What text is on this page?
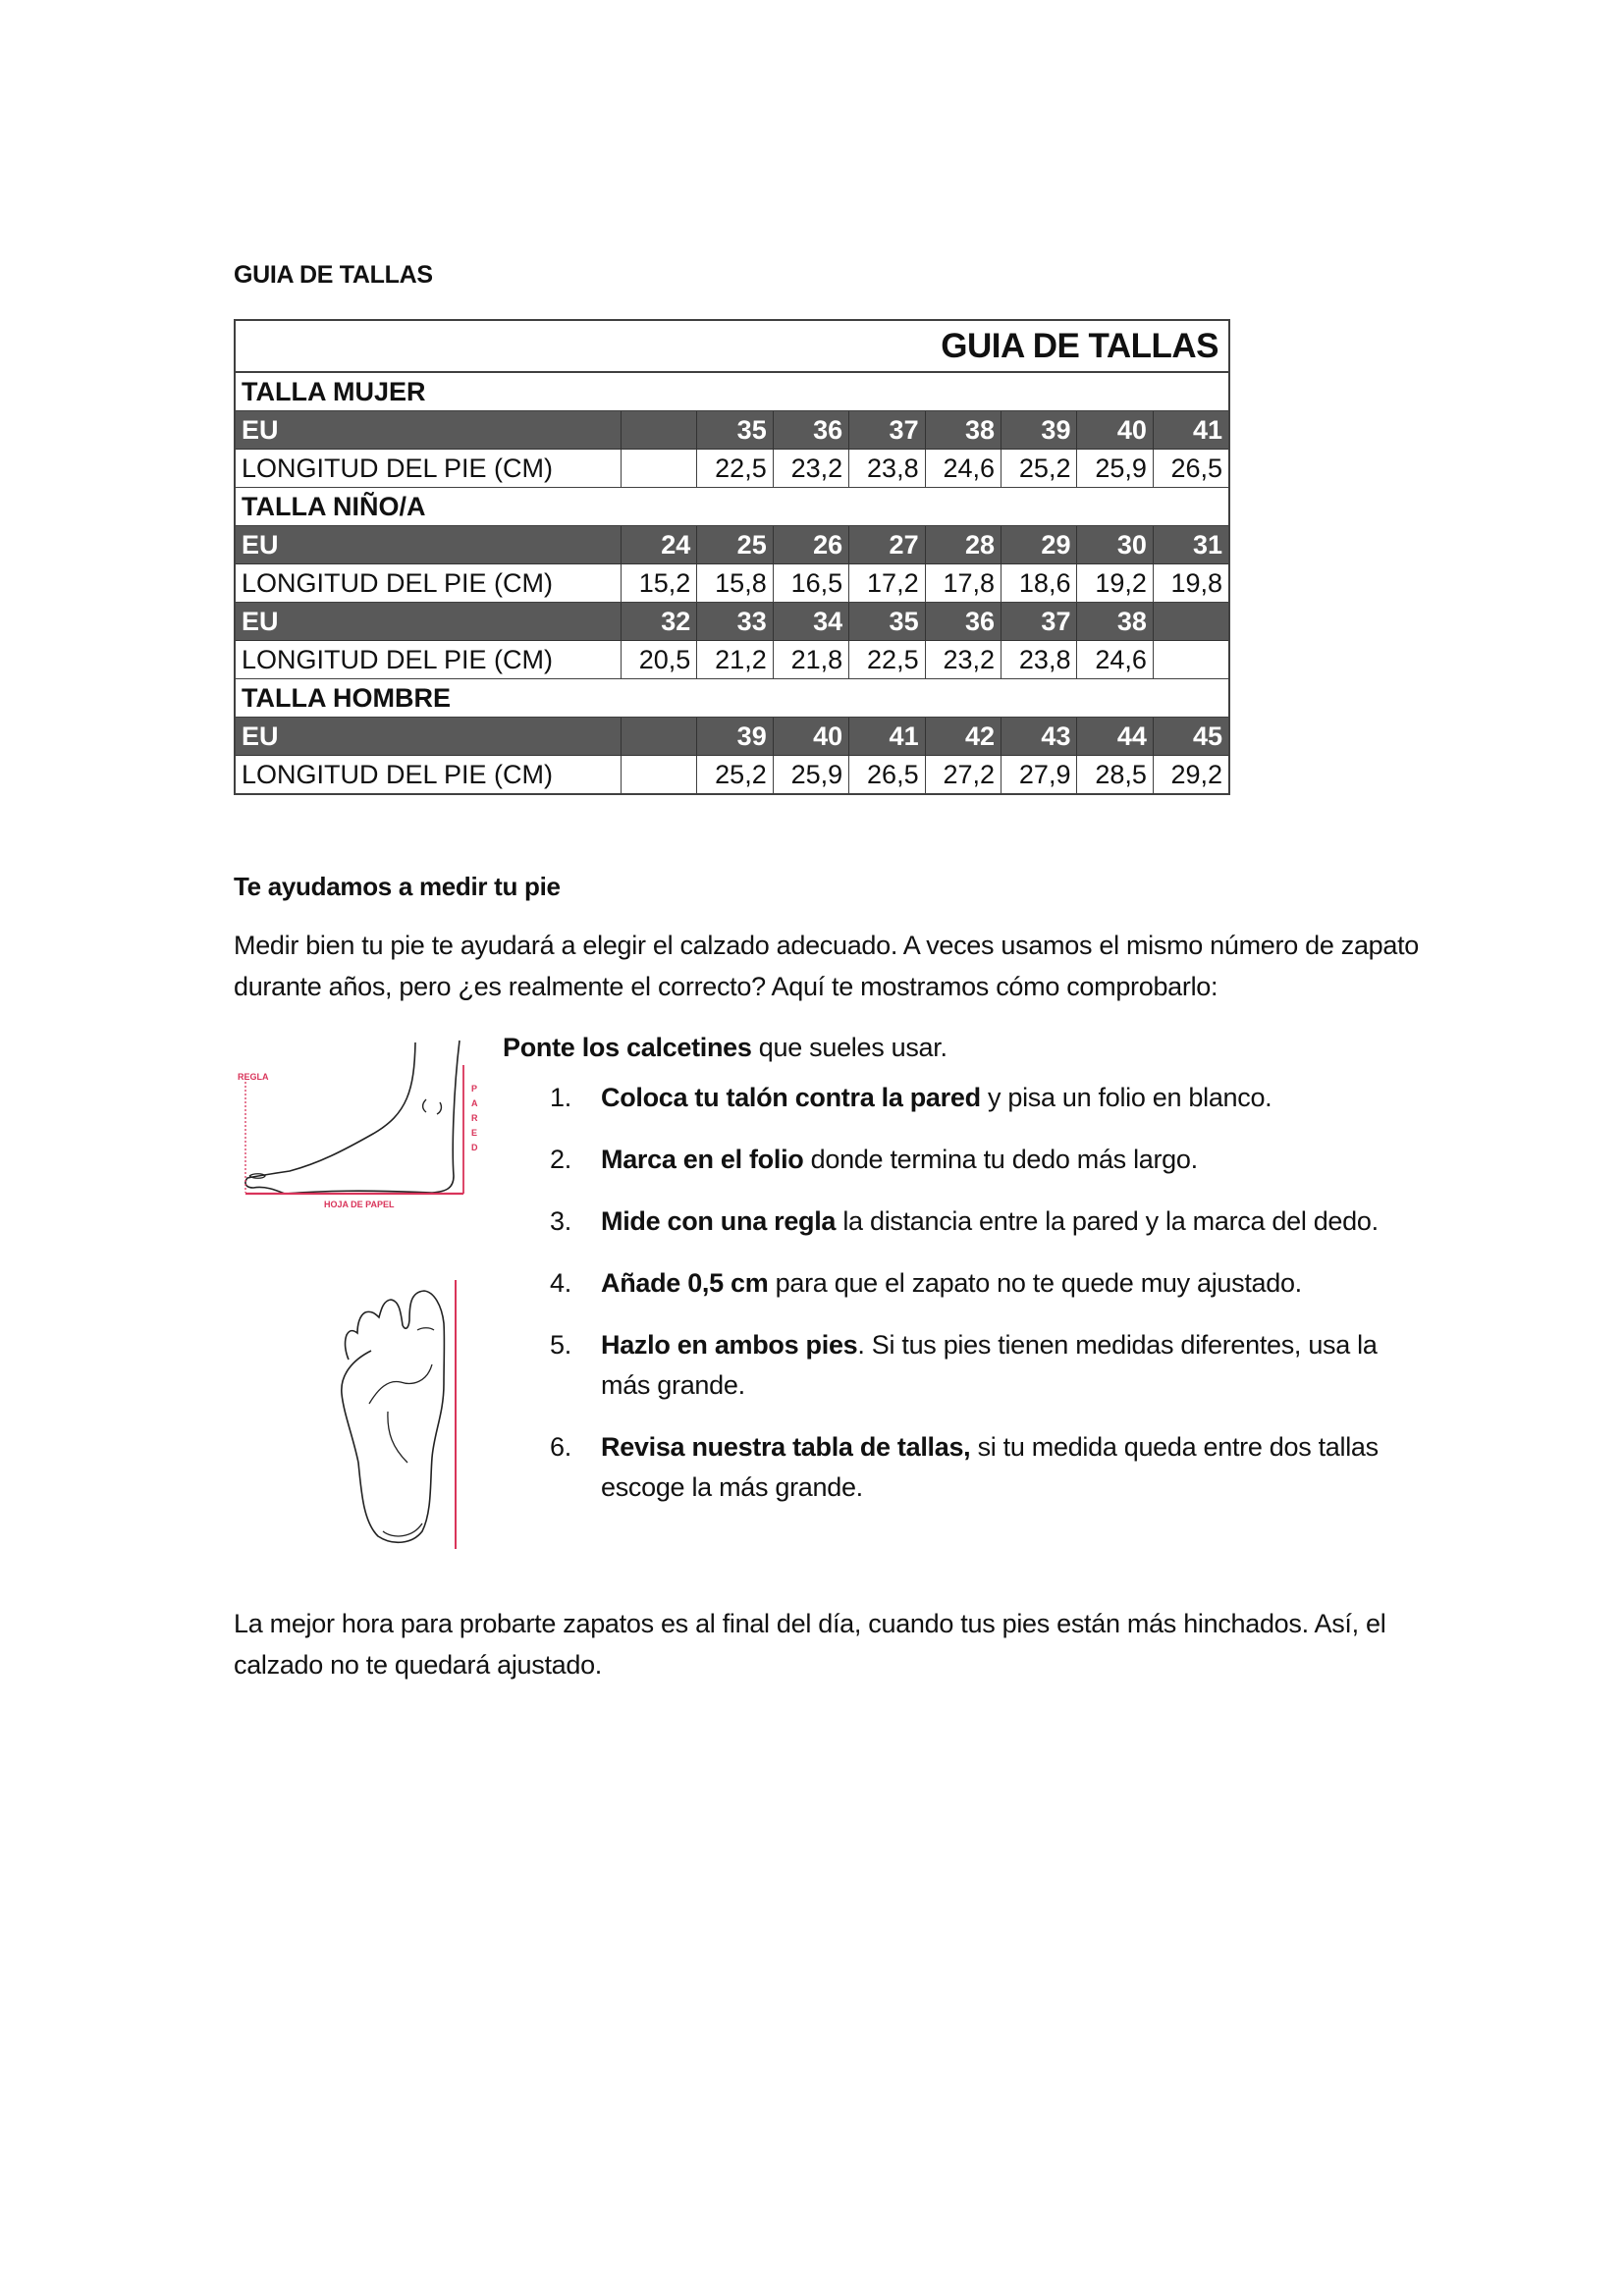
GUIA DE TALLAS
GUIA DE TALLAS								
TALLA MUJER								
EU		35	36	37	38	39	40	41
LONGITUD DEL PIE (CM)		22,5	23,2	23,8	24,6	25,2	25,9	26,5
TALLA NIÑO/A								
EU	24	25	26	27	28	29	30	31
LONGITUD DEL PIE (CM)	15,2	15,8	16,5	17,2	17,8	18,6	19,2	19,8
EU	32	33	34	35	36	37	38	
LONGITUD DEL PIE (CM)	20,5	21,2	21,8	22,5	23,2	23,8	24,6	
TALLA HOMBRE								
EU		39	40	41	42	43	44	45
LONGITUD DEL PIE (CM)		25,2	25,9	26,5	27,2	27,9	28,5	29,2
REGLA
P A R E D
HOJA DE PAPEL
Te ayudamos a medir tu pie
Medir bien tu pie te ayudará a elegir el calzado adecuado. A veces usamos el mismo número de zapato durante años, pero ¿es realmente el correcto? Aquí te mostramos cómo comprobarlo:
Ponte los calcetines que sueles usar.
1. Coloca tu talón contra la pared y pisa un folio en blanco.
2. Marca en el folio donde termina tu dedo más largo.
3. Mide con una regla la distancia entre la pared y la marca del dedo.
4. Añade 0,5 cm para que el zapato no te quede muy ajustado.
5. Hazlo en ambos pies. Si tus pies tienen medidas diferentes, usa la más grande.
6. Revisa nuestra tabla de tallas, si tu medida queda entre dos tallas escoge la más grande.
La mejor hora para probarte zapatos es al final del día, cuando tus pies están más hinchados. Así, el calzado no te quedará ajustado.
